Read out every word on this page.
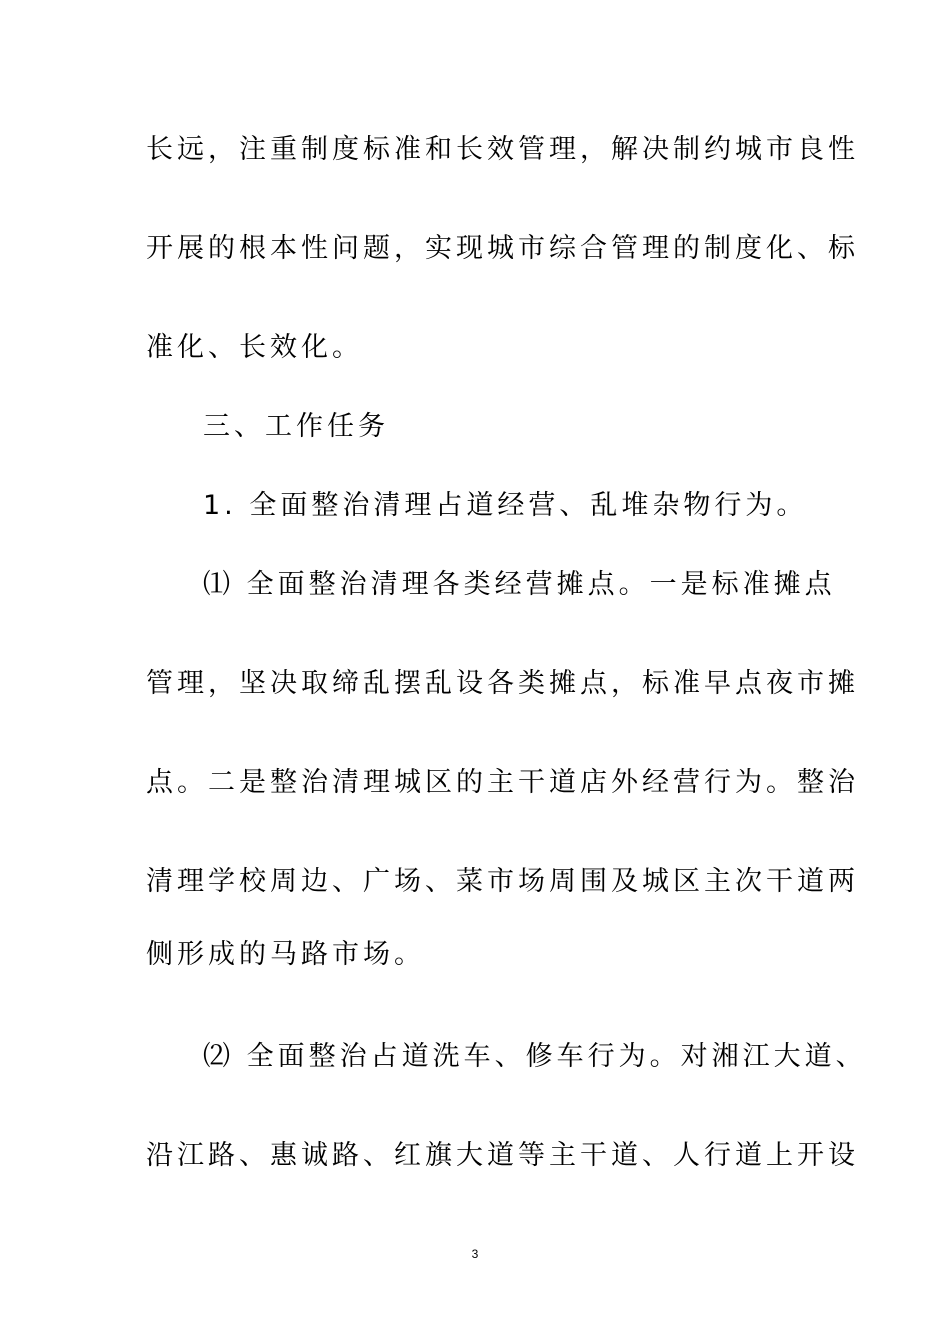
长远，注重制度标准和长效管理，解决制约城市良性
开展的根本性问题，实现城市综合管理的制度化、标
准化、长效化。
三、工作任务
1. 全面整治清理占道经营、乱堆杂物行为。
⑴ 全面整治清理各类经营摊点。一是标准摊点
管理，坚决取缔乱摆乱设各类摊点，标准早点夜市摊
点。二是整治清理城区的主干道店外经营行为。整治
清理学校周边、广场、菜市场周围及城区主次干道两
侧形成的马路市场。
⑵ 全面整治占道洗车、修车行为。对湘江大道、
沿江路、惠诚路、红旗大道等主干道、人行道上开设
3
